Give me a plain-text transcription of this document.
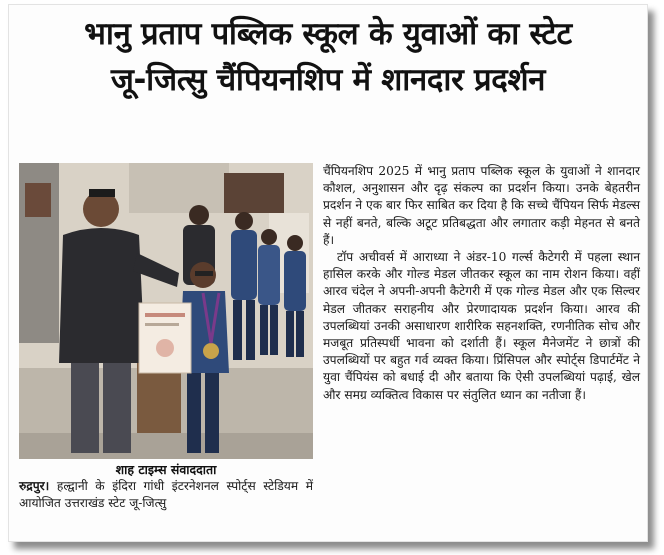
भानु प्रताप पब्लिक स्कूल के युवाओं का स्टेट
जू-जित्सु चैंपियनशिप में शानदार प्रदर्शन
शाह टाइम्स संवाददाता
रुद्रपुर। हल्द्वानी के इंदिरा गांधी इंटरनेशनल स्पोर्ट्स स्टेडियम में आयोजित उत्तराखंड स्टेट जू-जित्सु

चैंपियनशिप 2025 में भानु प्रताप पब्लिक स्कूल के युवाओं ने शानदार कौशल, अनुशासन और दृढ़ संकल्प का प्रदर्शन किया। उनके बेहतरीन प्रदर्शन ने एक बार फिर साबित कर दिया है कि सच्चे चैंपियन सिर्फ मेडल्स से नहीं बनते, बल्कि अटूट प्रतिबद्धता और लगातार कड़ी मेहनत से बनते हैं।

टॉप अचीवर्स में आराध्या ने अंडर-10 गर्ल्स कैटेगरी में पहला स्थान हासिल करके और गोल्ड मेडल जीतकर स्कूल का नाम रोशन किया। वहीं आरव चंदेल ने अपनी-अपनी कैटेगरी में एक गोल्ड मेडल और एक सिल्वर मेडल जीतकर सराहनीय और प्रेरणादायक प्रदर्शन किया। आरव की उपलब्धियां उनकी असाधारण शारीरिक सहनशक्ति, रणनीतिक सोच और मजबूत प्रतिस्पर्धी भावना को दर्शाती हैं। स्कूल मैनेजमेंट ने छात्रों की उपलब्धियों पर बहुत गर्व व्यक्त किया। प्रिंसिपल और स्पोर्ट्स डिपार्टमेंट ने युवा चैंपियंस को बधाई दी और बताया कि ऐसी उपलब्धियां पढ़ाई, खेल और समग्र व्यक्तित्व विकास पर संतुलित ध्यान का नतीजा हैं।
